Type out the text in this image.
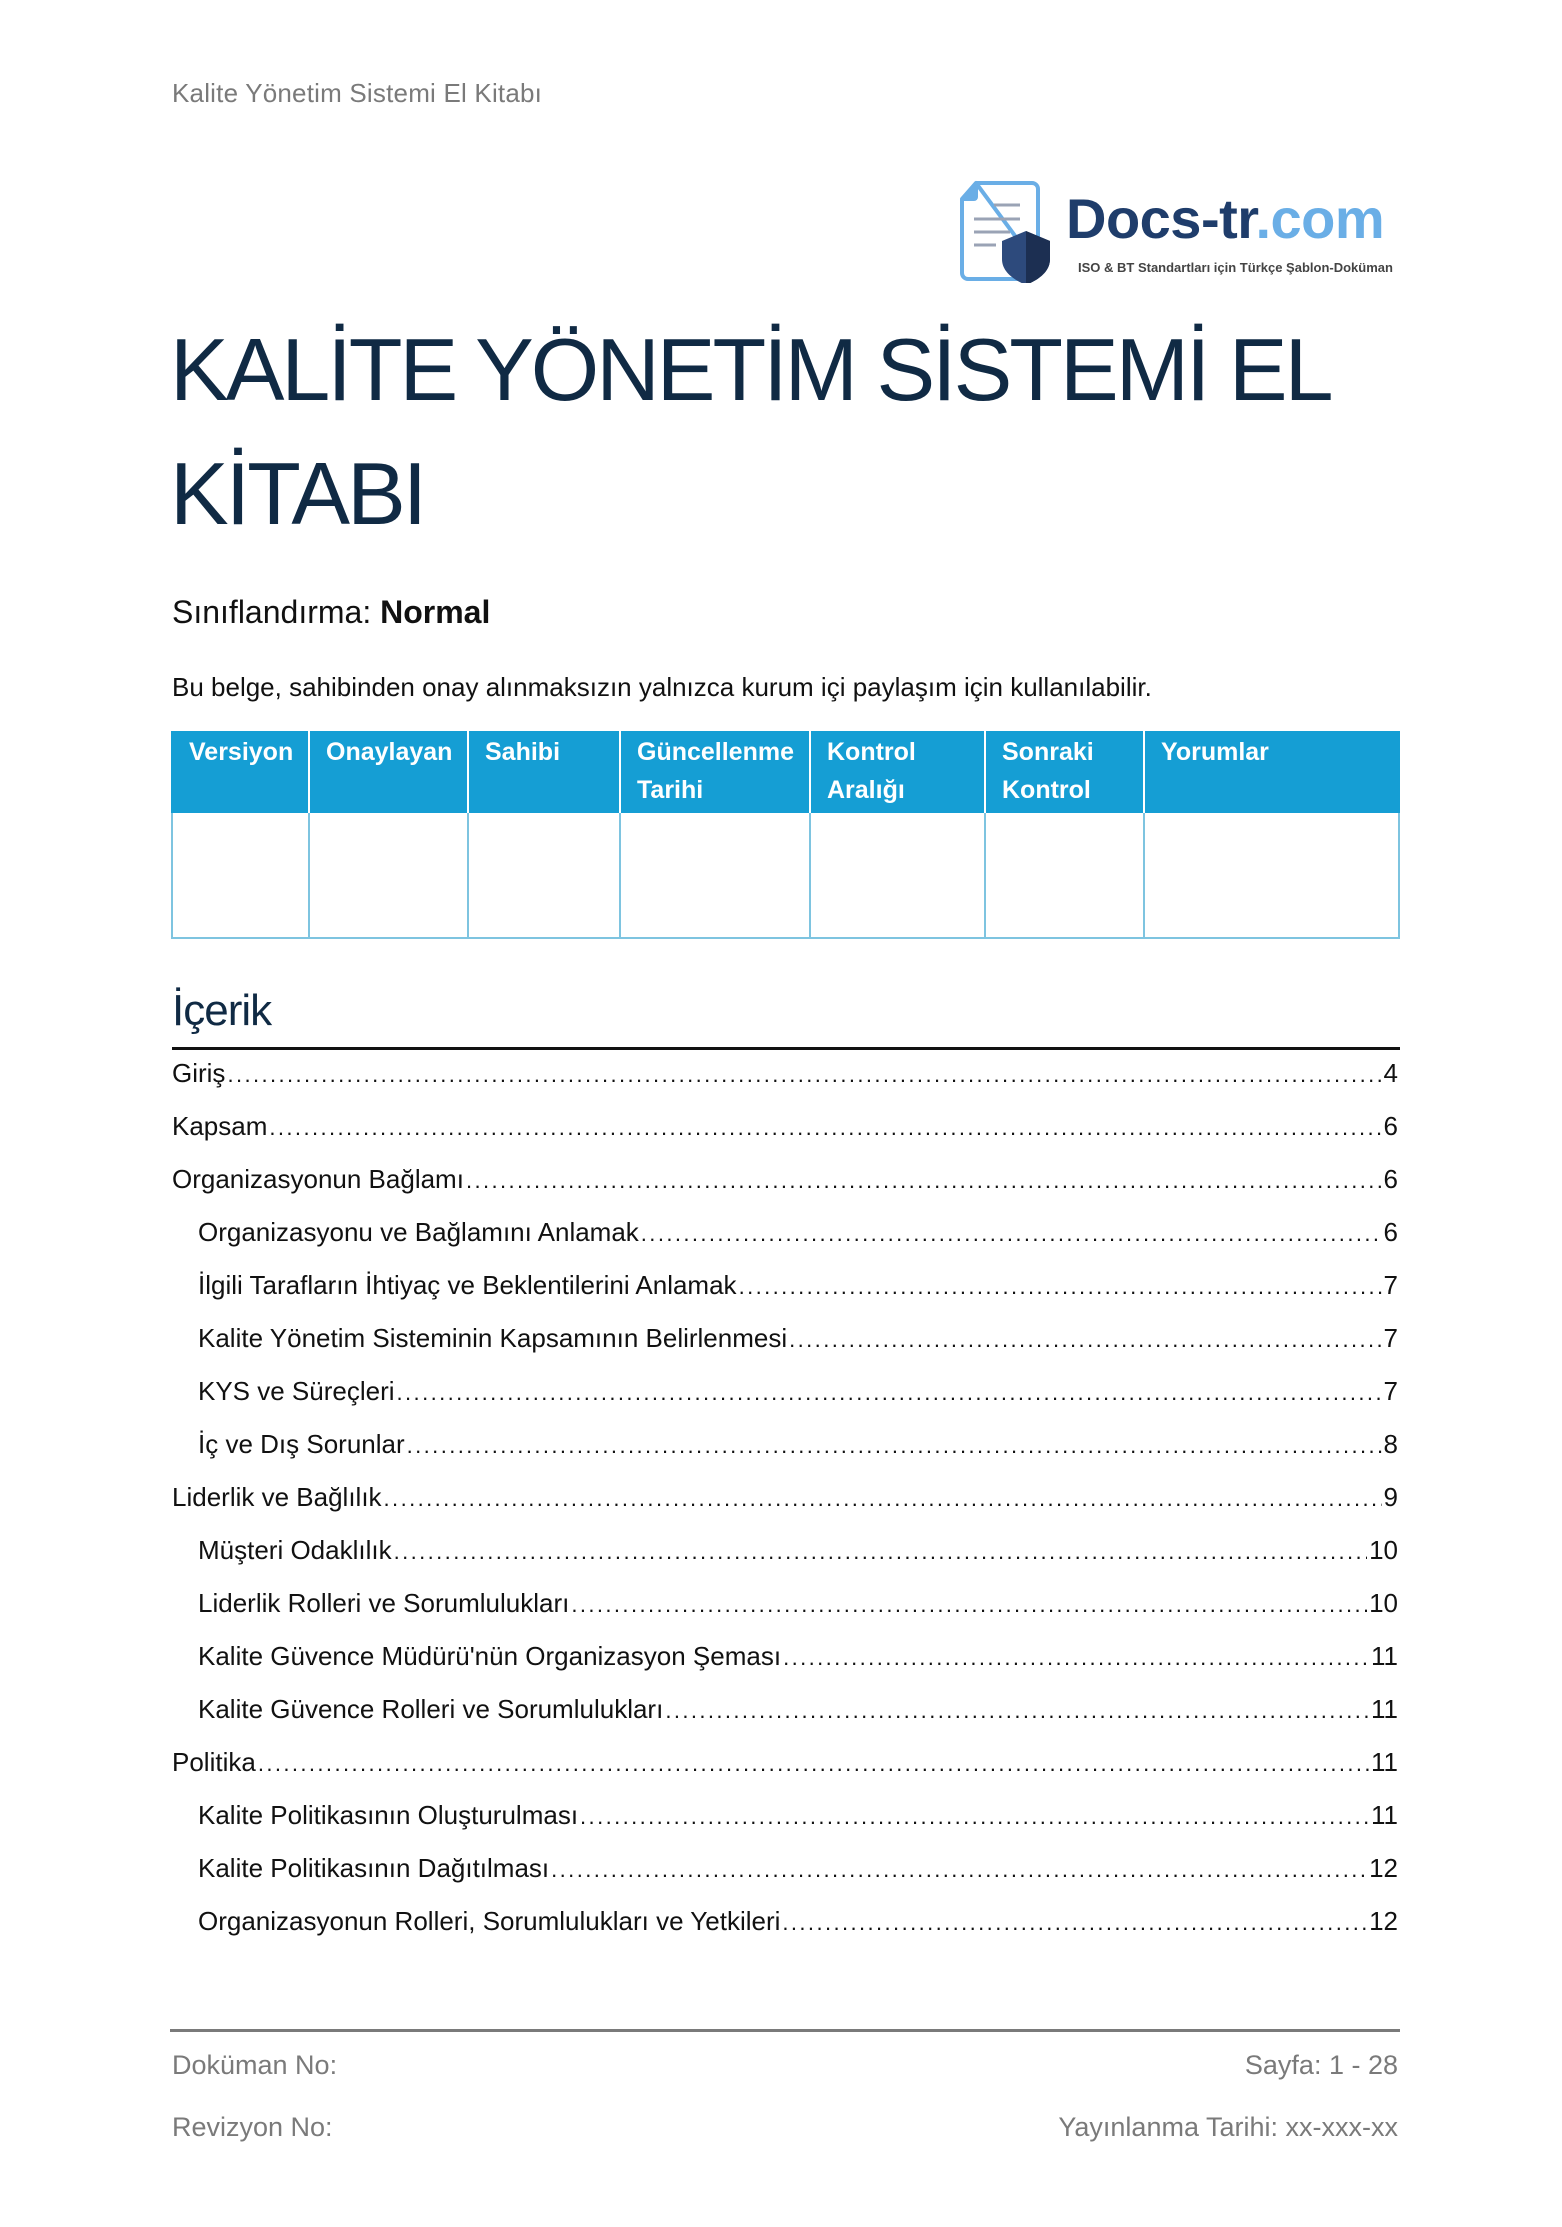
Kalite Yönetim Sistemi El Kitabı
Docs-tr.com
ISO & BT Standartları için Türkçe Şablon-Doküman
KALİTE YÖNETİM SİSTEMİ EL
KİTABI
Sınıflandırma: Normal
Bu belge, sahibinden onay alınmaksızın yalnızca kurum içi paylaşım için kullanılabilir.
Versiyon	Onaylayan	Sahibi	Güncellenme Tarihi	Kontrol Aralığı	Sonraki Kontrol	Yorumlar

İçerik
Giriş .....	4
Kapsam .....	6
Organizasyonun Bağlamı .....	6
Organizasyonu ve Bağlamını Anlamak .....	6
İlgili Tarafların İhtiyaç ve Beklentilerini Anlamak .....	7
Kalite Yönetim Sisteminin Kapsamının Belirlenmesi .....	7
KYS ve Süreçleri .....	7
İç ve Dış Sorunlar .....	8
Liderlik ve Bağlılık .....	9
Müşteri Odaklılık .....	10
Liderlik Rolleri ve Sorumlulukları .....	10
Kalite Güvence Müdürü'nün Organizasyon Şeması .....	11
Kalite Güvence Rolleri ve Sorumlulukları .....	11
Politika .....	11
Kalite Politikasının Oluşturulması .....	11
Kalite Politikasının Dağıtılması .....	12
Organizasyonun Rolleri, Sorumlulukları ve Yetkileri .....	12
Doküman No:	Sayfa: 1 - 28
Revizyon No:	Yayınlanma Tarihi: xx-xxx-xx
